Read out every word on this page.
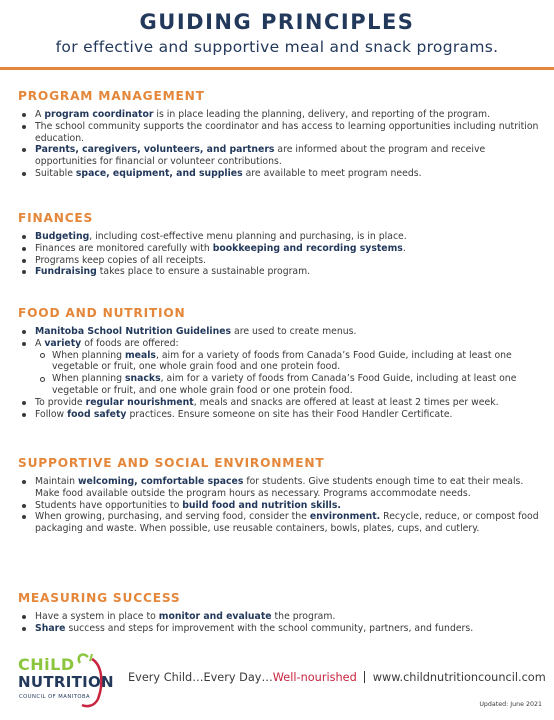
GUIDING PRINCIPLES
for effective and supportive meal and snack programs.
PROGRAM MANAGEMENT
A program coordinator is in place leading the planning, delivery, and reporting of the program.
The school community supports the coordinator and has access to learning opportunities including nutrition education.
Parents, caregivers, volunteers, and partners are informed about the program and receive opportunities for financial or volunteer contributions.
Suitable space, equipment, and supplies are available to meet program needs.
FINANCES
Budgeting, including cost-effective menu planning and purchasing, is in place.
Finances are monitored carefully with bookkeeping and recording systems.
Programs keep copies of all receipts.
Fundraising takes place to ensure a sustainable program.
FOOD AND NUTRITION
Manitoba School Nutrition Guidelines are used to create menus.
A variety of foods are offered:
When planning meals, aim for a variety of foods from Canada’s Food Guide, including at least one vegetable or fruit, one whole grain food and one protein food.
When planning snacks, aim for a variety of foods from Canada’s Food Guide, including at least one vegetable or fruit, and one whole grain food or one protein food.
To provide regular nourishment, meals and snacks are offered at least at least 2 times per week.
Follow food safety practices. Ensure someone on site has their Food Handler Certificate.
SUPPORTIVE AND SOCIAL ENVIRONMENT
Maintain welcoming, comfortable spaces for students. Give students enough time to eat their meals. Make food available outside the program hours as necessary. Programs accommodate needs.
Students have opportunities to build food and nutrition skills.
When growing, purchasing, and serving food, consider the environment. Recycle, reduce, or compost food packaging and waste. When possible, use reusable containers, bowls, plates, cups, and cutlery.
MEASURING SUCCESS
Have a system in place to monitor and evaluate the program.
Share success and steps for improvement with the school community, partners, and funders.
CHiLD
NUTRITION
COUNCIL OF MANITOBA
Every Child…Every Day…Well-nourished www.childnutritioncouncil.com
Updated: June 2021
